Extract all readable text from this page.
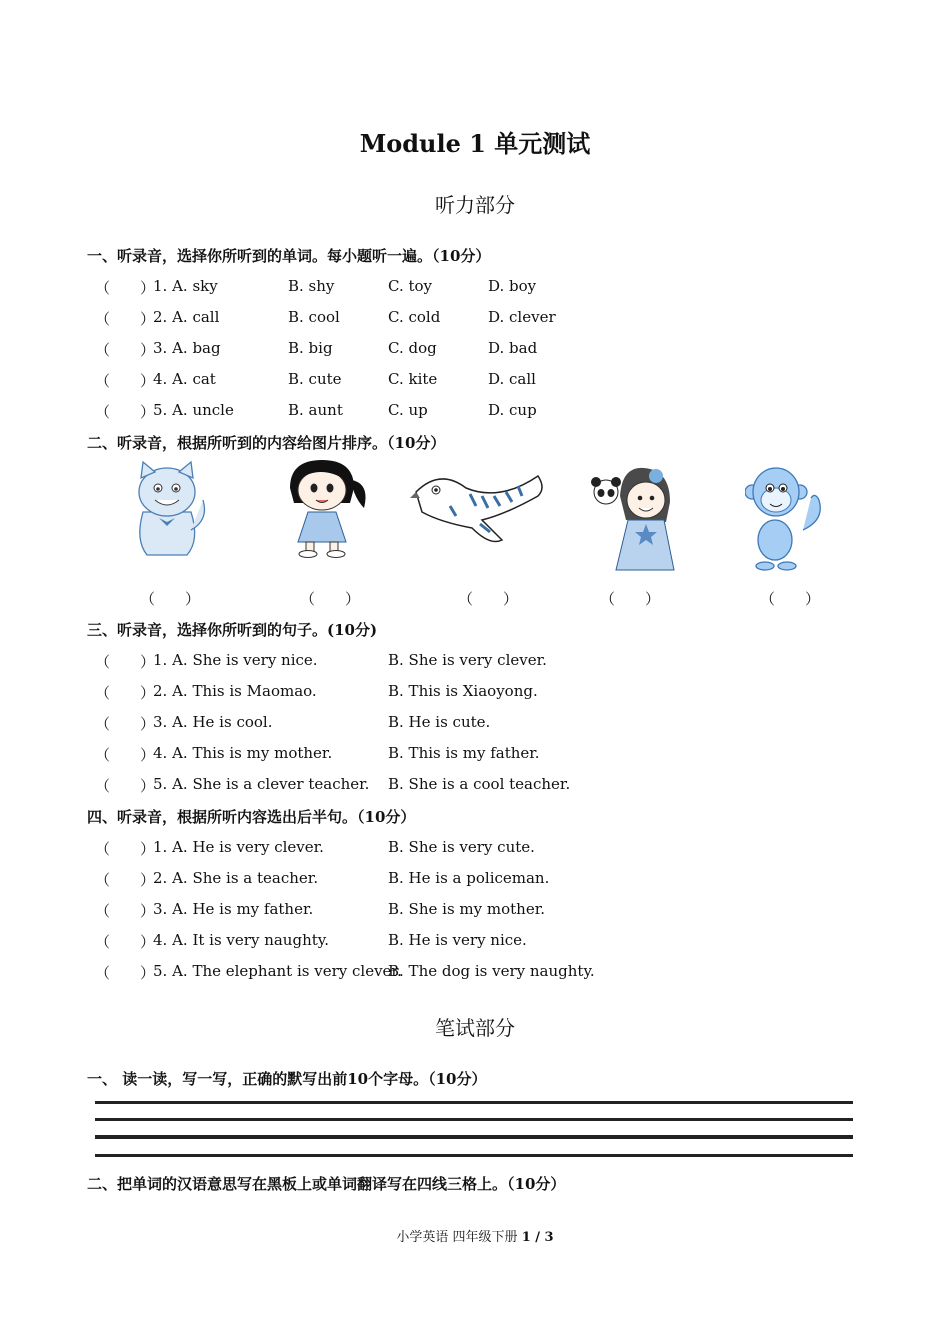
Module 1 单元测试
听力部分
一、听录音，选择你所听到的单词。每小题听一遍。（10分）
（　　）
1. A. sky	B. shy	C. toy	D. boy
（　　）
2. A. call	B. cool	C. cold	D. clever
（　　）
3. A. bag	B. big	C. dog	D. bad
（　　）
4. A. cat	B. cute	C. kite	D. call
（　　）
5. A. uncle	B. aunt	C. up	D. cup
二、听录音，根据所听到的内容给图片排序。（10分）
（　　）	（　　）	（　　）	（　　）	（　　）
三、听录音，选择你所听到的句子。(10分)
（　　）
1. A. She is very nice.	B. She is very clever.
（　　）
2. A. This is Maomao.	B. This is Xiaoyong.
（　　）
3. A. He is cool.	B. He is cute.
（　　）
4. A. This is my mother.	B. This is my father.
（　　）
5. A. She is a clever teacher. B. She is a cool teacher.
四、听录音，根据所听内容选出后半句。（10分）
（　　）
1. A. He is very clever.	B. She is very cute.
（　　）
2. A. She is a teacher.	B. He is a policeman.
（　　）
3. A. He is my father.	B. She is my mother.
（　　）
4. A. It is very naughty.	B. He is very nice.
（　　）
5. A. The elephant is very clever.
B. The dog is very naughty.
笔试部分
一、 读一读，写一写，正确的默写出前10个字母。（10分）
二、把单词的汉语意思写在黑板上或单词翻译写在四线三格上。（10分）
小学英语 四年级下册 1 / 3
